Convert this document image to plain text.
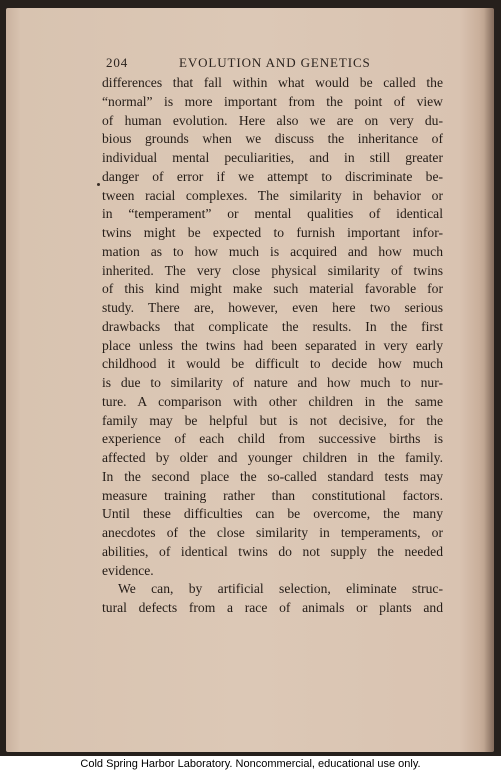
204	EVOLUTION AND GENETICS
differences that fall within what would be called the
“normal” is more important from the point of view
of human evolution. Here also we are on very du-
bious grounds when we discuss the inheritance of
individual mental peculiarities, and in still greater
danger of error if we attempt to discriminate be-
tween racial complexes. The similarity in behavior or
in “temperament” or mental qualities of identical
twins might be expected to furnish important infor-
mation as to how much is acquired and how much
inherited. The very close physical similarity of twins
of this kind might make such material favorable for
study. There are, however, even here two serious
drawbacks that complicate the results. In the first
place unless the twins had been separated in very early
childhood it would be difficult to decide how much
is due to similarity of nature and how much to nur-
ture. A comparison with other children in the same
family may be helpful but is not decisive, for the
experience of each child from successive births is
affected by older and younger children in the family.
In the second place the so-called standard tests may
measure training rather than constitutional factors.
Until these difficulties can be overcome, the many
anecdotes of the close similarity in temperaments, or
abilities, of identical twins do not supply the needed
evidence.
We can, by artificial selection, eliminate struc-
tural defects from a race of animals or plants and
Cold Spring Harbor Laboratory. Noncommercial, educational use only.
